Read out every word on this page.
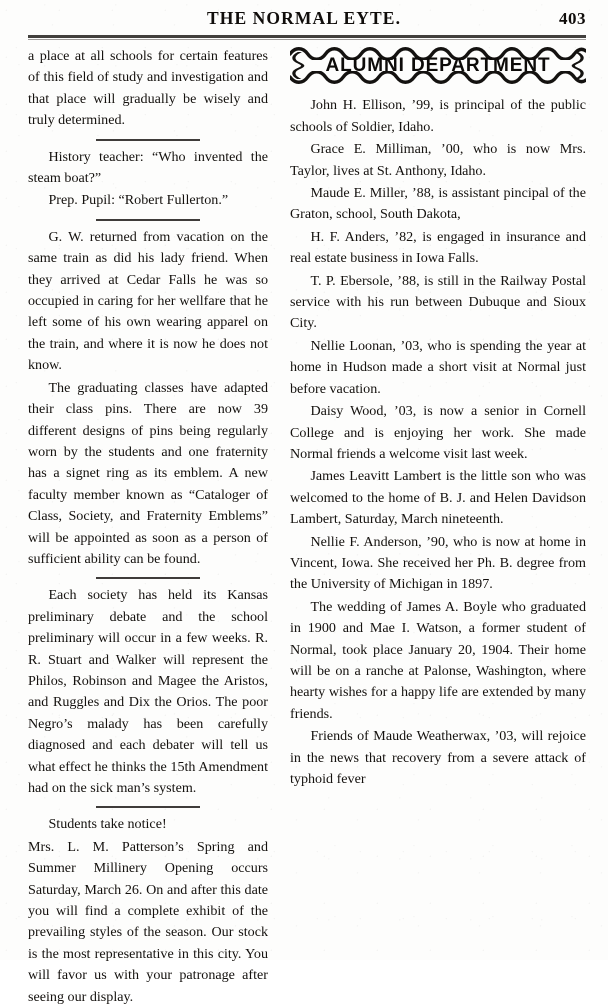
THE NORMAL EYTE.	403

a place at all schools for certain features of this field of study and investigation and that place will gradually be wisely and truly determined.

History teacher: “Who invented the steam boat?”

Prep. Pupil: “Robert Fullerton.”

G. W. returned from vacation on the same train as did his lady friend. When they arrived at Cedar Falls he was so occupied in caring for her wellfare that he left some of his own wearing apparel on the train, and where it is now he does not know.

The graduating classes have adapted their class pins. There are now 39 different designs of pins being regularly worn by the students and one fraternity has a signet ring as its emblem. A new faculty member known as “Cataloger of Class, Society, and Fraternity Emblems” will be appointed as soon as a person of sufficient ability can be found.

Each society has held its Kansas preliminary debate and the school preliminary will occur in a few weeks. R. R. Stuart and Walker will represent the Philos, Robinson and Magee the Aristos, and Ruggles and Dix the Orios. The poor Negro’s malady has been carefully diagnosed and each debater will tell us what effect he thinks the 15th Amendment had on the sick man’s system.

Students take notice!

Mrs. L. M. Patterson’s Spring and Summer Millinery Opening occurs Saturday, March 26. On and after this date you will find a complete exhibit of the prevailing styles of the season. Our stock is the most representative in this city. You will favor us with your patronage after seeing our display.

ALUMNI DEPARTMENT

John H. Ellison, ’99, is principal of the public schools of Soldier, Idaho.

Grace E. Milliman, ’00, who is now Mrs. Taylor, lives at St. Anthony, Idaho.

Maude E. Miller, ’88, is assistant pincipal of the Graton, school, South Dakota,

H. F. Anders, ’82, is engaged in insurance and real estate business in Iowa Falls.

T. P. Ebersole, ’88, is still in the Railway Postal service with his run between Dubuque and Sioux City.

Nellie Loonan, ’03, who is spending the year at home in Hudson made a short visit at Normal just before vacation.

Daisy Wood, ’03, is now a senior in Cornell College and is enjoying her work. She made Normal friends a welcome visit last week.

James Leavitt Lambert is the little son who was welcomed to the home of B. J. and Helen Davidson Lambert, Saturday, March nineteenth.

Nellie F. Anderson, ’90, who is now at home in Vincent, Iowa. She received her Ph. B. degree from the University of Michigan in 1897.

The wedding of James A. Boyle who graduated in 1900 and Mae I. Watson, a former student of Normal, took place January 20, 1904. Their home will be on a ranche at Palonse, Washington, where hearty wishes for a happy life are extended by many friends.

Friends of Maude Weatherwax, ’03, will rejoice in the news that recovery from a severe attack of typhoid fever
